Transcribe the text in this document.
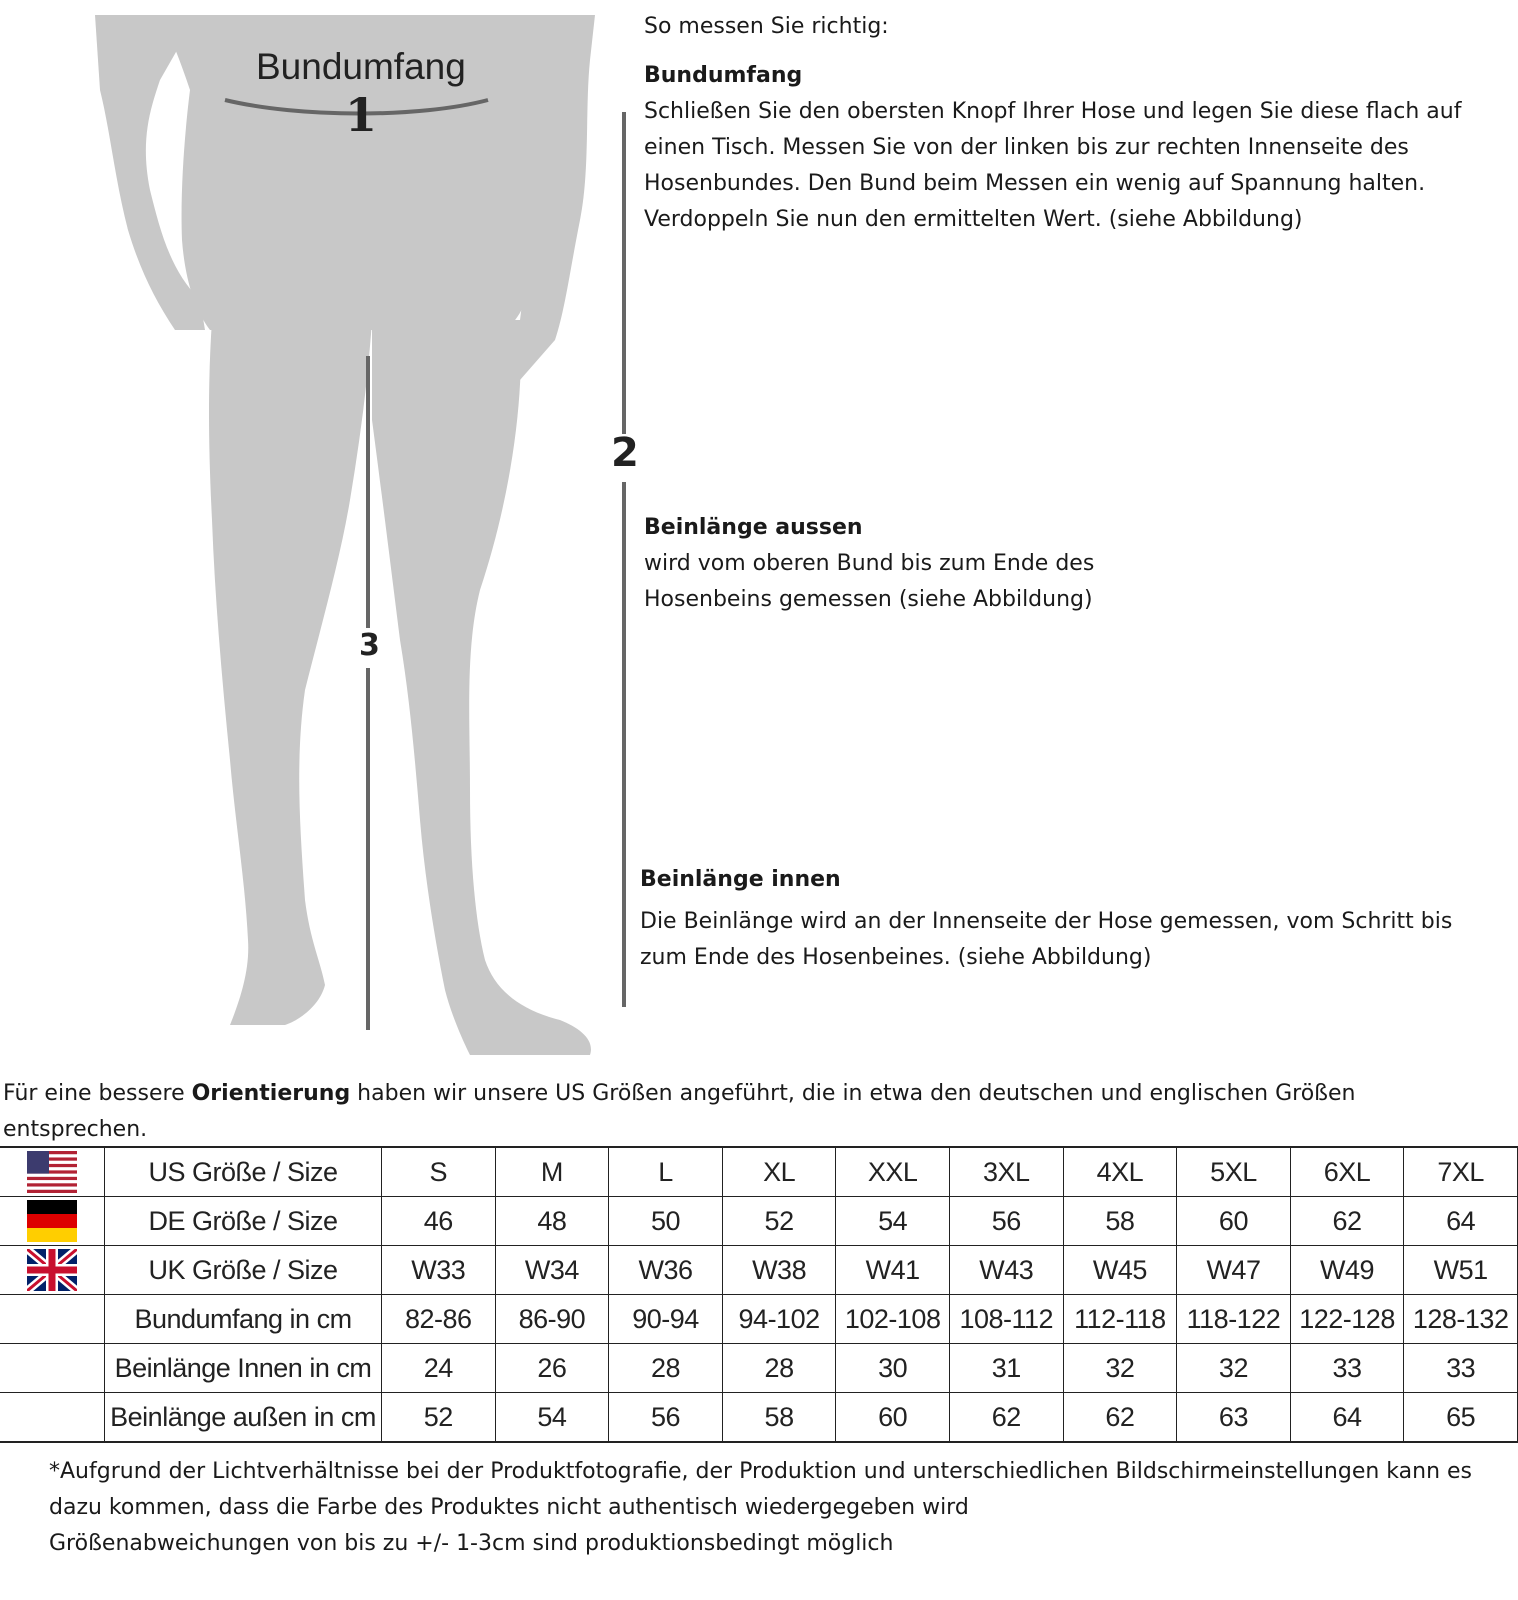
Bundumfang
1
2
3
So messen Sie richtig:
Bundumfang
Schließen Sie den obersten Knopf Ihrer Hose und legen Sie diese flach auf
einen Tisch. Messen Sie von der linken bis zur rechten Innenseite des
Hosenbundes. Den Bund beim Messen ein wenig auf Spannung halten.
Verdoppeln Sie nun den ermittelten Wert. (siehe Abbildung)
Beinlänge aussen
wird vom oberen Bund bis zum Ende des
Hosenbeins gemessen (siehe Abbildung)
Beinlänge innen
Die Beinlänge wird an der Innenseite der Hose gemessen, vom Schritt bis
zum Ende des Hosenbeines. (siehe Abbildung)
Für eine bessere Orientierung haben wir unsere US Größen angeführt, die in etwa den deutschen und englischen Größen entsprechen.
	US Größe / Size	S	M	L	XL	XXL	3XL	4XL	5XL	6XL	7XL
	DE Größe / Size	46	48	50	52	54	56	58	60	62	64
	UK Größe / Size	W33	W34	W36	W38	W41	W43	W45	W47	W49	W51
	Bundumfang in cm	82-86	86-90	90-94	94-102	102-108	108-112	112-118	118-122	122-128	128-132
	Beinlänge Innen in cm	24	26	28	28	30	31	32	32	33	33
	Beinlänge außen in cm	52	54	56	58	60	62	62	63	64	65
*Aufgrund der Lichtverhältnisse bei der Produktfotografie, der Produktion und unterschiedlichen Bildschirmeinstellungen kann es
dazu kommen, dass die Farbe des Produktes nicht authentisch wiedergegeben wird
Größenabweichungen von bis zu +/- 1-3cm sind produktionsbedingt möglich
